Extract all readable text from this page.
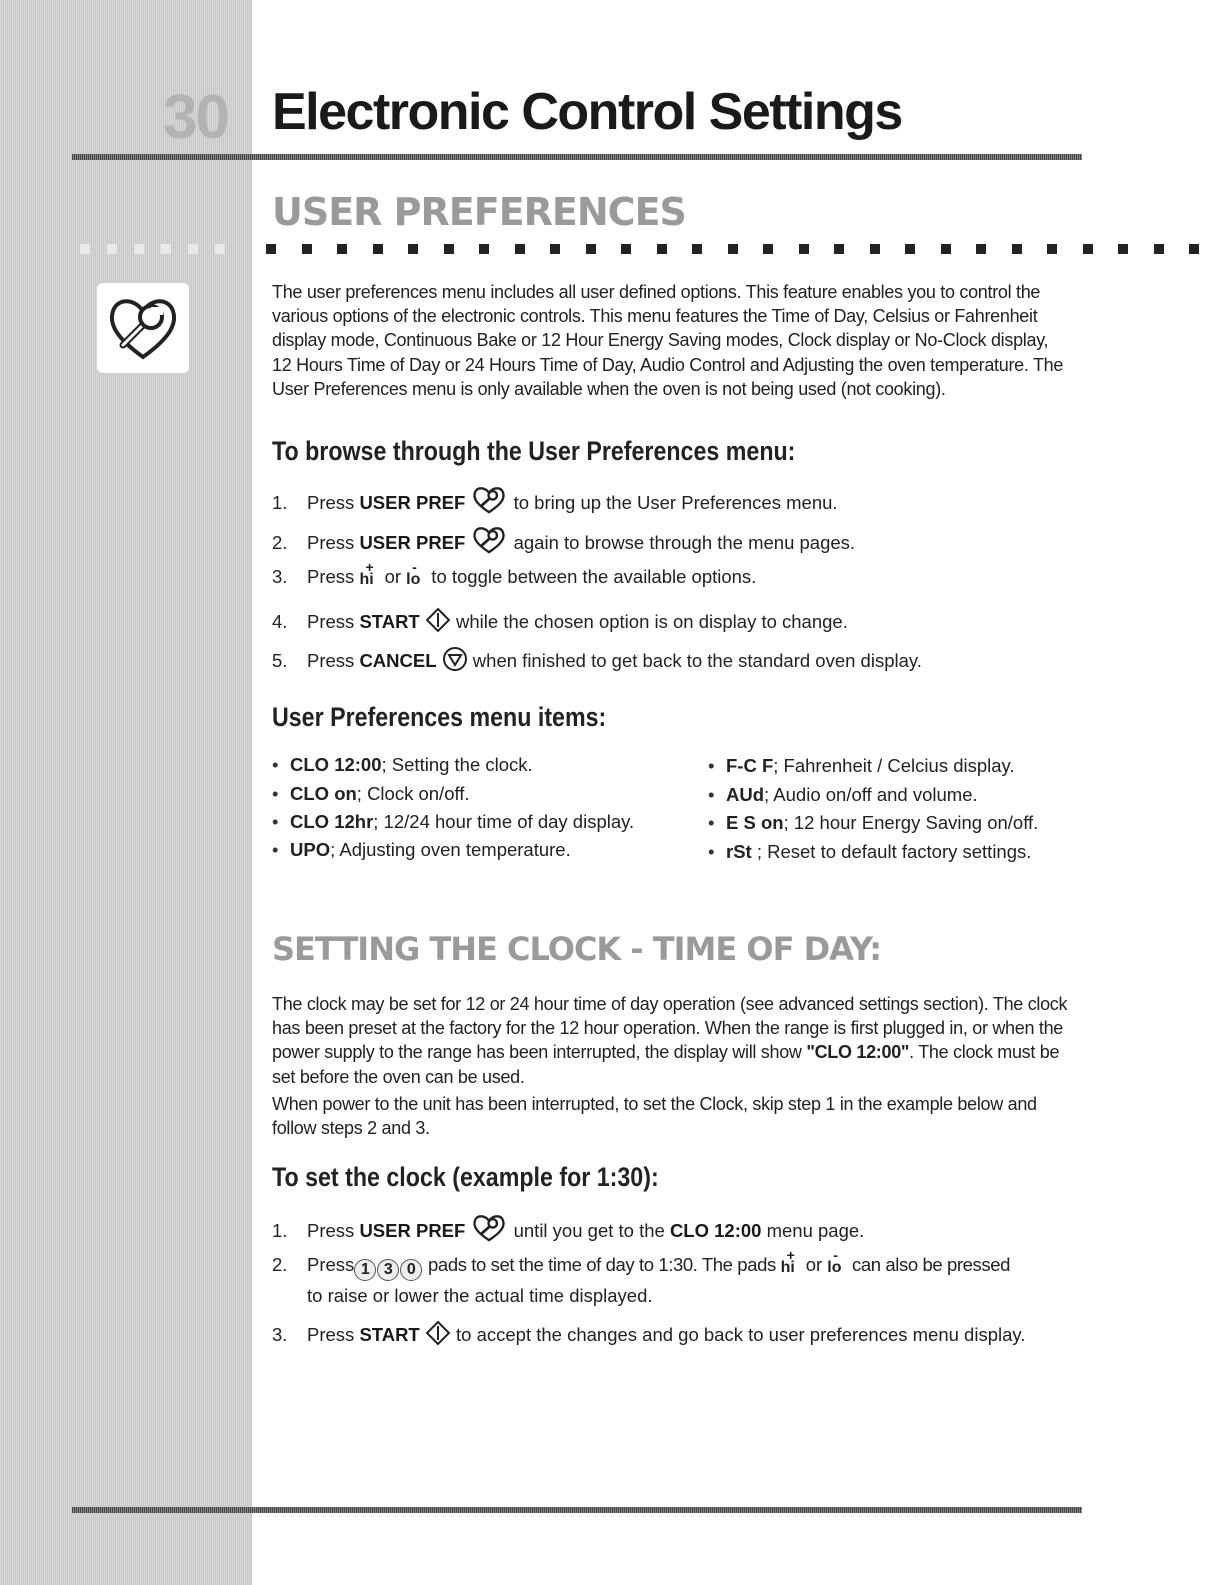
30 Electronic Control Settings
USER PREFERENCES

The user preferences menu includes all user defined options. This feature enables you to control the various options of the electronic controls. This menu features the Time of Day, Celsius or Fahrenheit display mode, Continuous Bake or 12 Hour Energy Saving modes, Clock display or No-Clock display, 12 Hours Time of Day or 24 Hours Time of Day, Audio Control and Adjusting the oven temperature. The User Preferences menu is only available when the oven is not being used (not cooking).

To browse through the User Preferences menu:
1. Press USER PREF  to bring up the User Preferences menu.
2. Press USER PREF  again to browse through the menu pages.
3. Press +
hi or -
lo to toggle between the available options.
4. Press START  while the chosen option is on display to change.
5. Press CANCEL  when finished to get back to the standard oven display.
User Preferences menu items:
• CLO 12:00; Setting the clock.
• CLO on; Clock on/off.
• CLO 12hr; 12/24 hour time of day display.
• UPO; Adjusting oven temperature.
• F-C F; Fahrenheit / Celcius display.
• AUd; Audio on/off and volume.
• E S on; 12 hour Energy Saving on/off.
• rSt ; Reset to default factory settings.
SETTING THE CLOCK - TIME OF DAY:

The clock may be set for 12 or 24 hour time of day operation (see advanced settings section). The clock has been preset at the factory for the 12 hour operation. When the range is first plugged in, or when the power supply to the range has been interrupted, the display will show "CLO 12:00". The clock must be set before the oven can be used.

When power to the unit has been interrupted, to set the Clock, skip step 1 in the example below and follow steps 2 and 3.

To set the clock (example for 1:30):
1. Press USER PREF  until you get to the CLO 12:00 menu page.
2. Press 1 3 0 pads to set the time of day to 1:30. The pads +
hi or -
lo can also be pressed
to raise or lower the actual time displayed.
3. Press START  to accept the changes and go back to user preferences menu display.
